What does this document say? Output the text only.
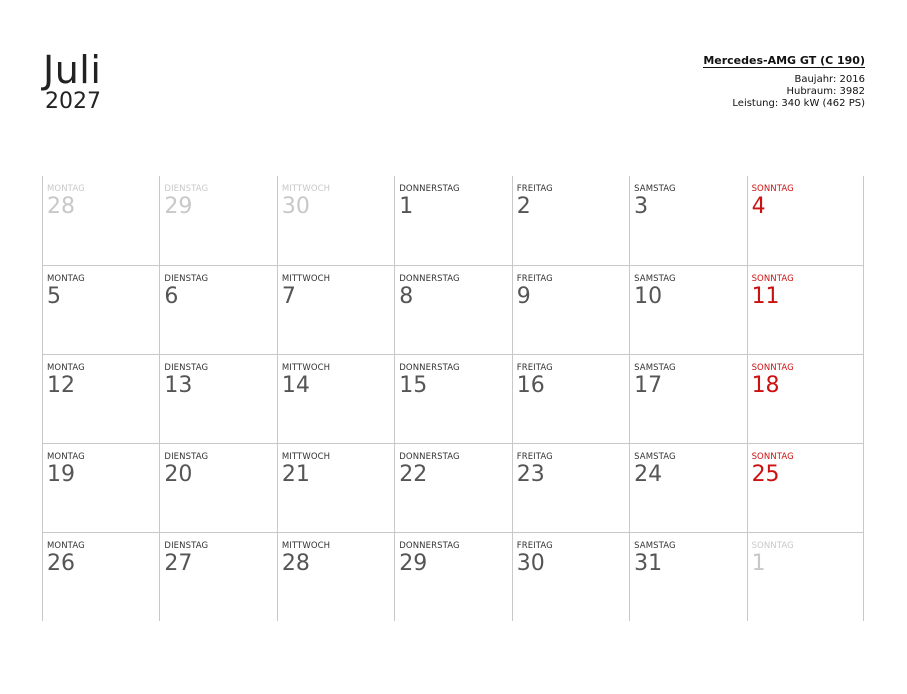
Juli
2027
Mercedes-AMG GT (C 190)
Baujahr: 2016
Hubraum: 3982
Leistung: 340 kW (462 PS)
MONTAG
28
DIENSTAG
29
MITTWOCH
30
DONNERSTAG
1
FREITAG
2
SAMSTAG
3
SONNTAG
4
MONTAG
5
DIENSTAG
6
MITTWOCH
7
DONNERSTAG
8
FREITAG
9
SAMSTAG
10
SONNTAG
11
MONTAG
12
DIENSTAG
13
MITTWOCH
14
DONNERSTAG
15
FREITAG
16
SAMSTAG
17
SONNTAG
18
MONTAG
19
DIENSTAG
20
MITTWOCH
21
DONNERSTAG
22
FREITAG
23
SAMSTAG
24
SONNTAG
25
MONTAG
26
DIENSTAG
27
MITTWOCH
28
DONNERSTAG
29
FREITAG
30
SAMSTAG
31
SONNTAG
1
